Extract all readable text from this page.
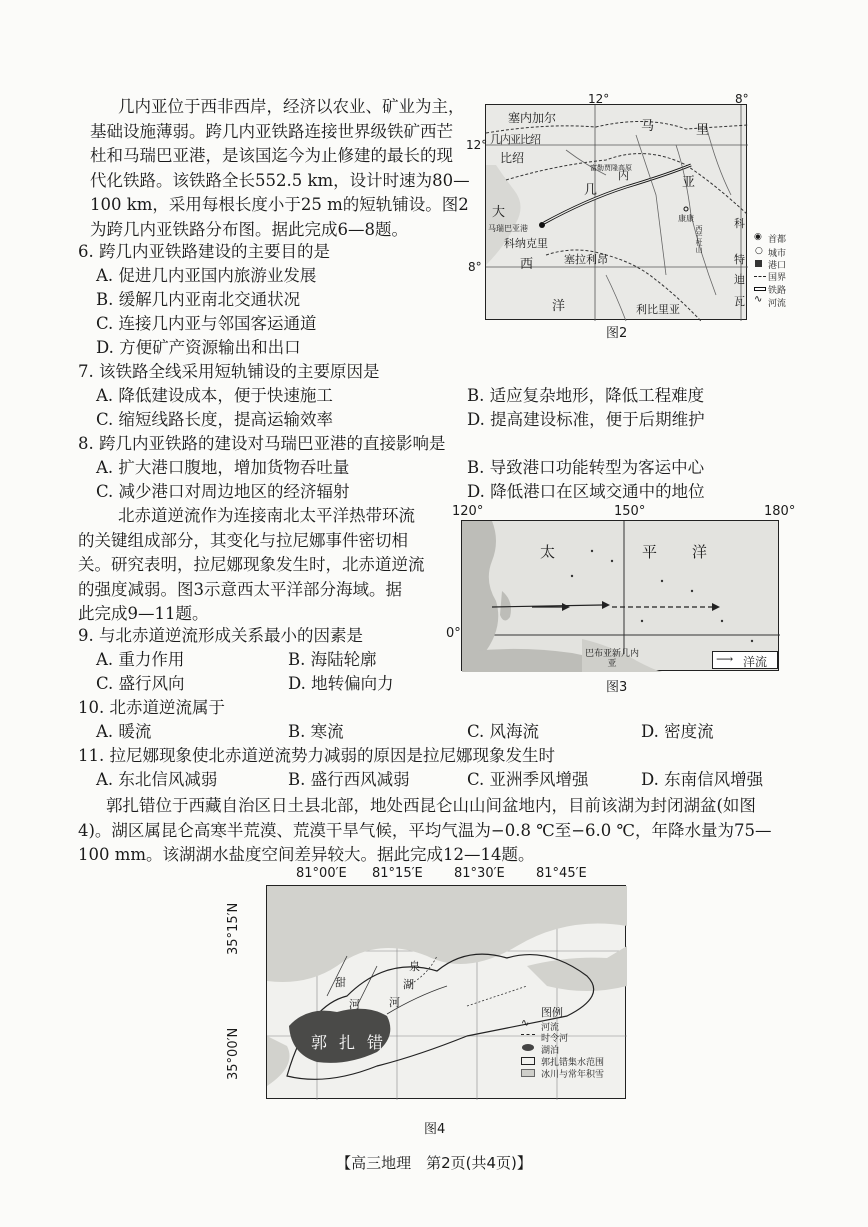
几内亚位于西非西岸，经济以农业、矿业为主，
基础设施薄弱。跨几内亚铁路连接世界级铁矿西芒
杜和马瑞巴亚港，是该国迄今为止修建的最长的现
代化铁路。该铁路全长552.5 km，设计时速为80—
100 km，采用每根长度小于25 m的短轨铺设。图2
为跨几内亚铁路分布图。据此完成6—8题。
6. 跨几内亚铁路建设的主要目的是
A. 促进几内亚国内旅游业发展
B. 缓解几内亚南北交通状况
C. 连接几内亚与邻国客运通道
D. 方便矿产资源输出和出口
塞内加尔
几内亚比绍
比绍
马	里
几
内	亚
富勒贾隆高原
马瑞巴亚港
科纳克里
大
西
洋
塞拉利昂
利比里亚
西芒杜山
康康	科
特
迪
瓦
12°	8°
12°
8°
◉ 首都
○ 城市
港口
国界
铁路
∿ 河流
图2
7. 该铁路全线采用短轨铺设的主要原因是
A. 降低建设成本，便于快速施工	B. 适应复杂地形，降低工程难度
C. 缩短线路长度，提高运输效率	D. 提高建设标准，便于后期维护
8. 跨几内亚铁路的建设对马瑞巴亚港的直接影响是
A. 扩大港口腹地，增加货物吞吐量	B. 导致港口功能转型为客运中心
C. 减少港口对周边地区的经济辐射	D. 降低港口在区域交通中的地位
北赤道逆流作为连接南北太平洋热带环流
的关键组成部分，其变化与拉尼娜事件密切相
关。研究表明，拉尼娜现象发生时，北赤道逆流
的强度减弱。图3示意西太平洋部分海域。据
此完成9—11题。
120°	150°	180°
0°
太	平 洋
巴布亚新几内亚	⟶ 洋流
图3
9. 与北赤道逆流形成关系最小的因素是
A. 重力作用	B. 海陆轮廓
C. 盛行风向	D. 地转偏向力
10. 北赤道逆流属于
A. 暖流	B. 寒流	C. 风海流	D. 密度流
11. 拉尼娜现象使北赤道逆流势力减弱的原因是拉尼娜现象发生时
A. 东北信风减弱	B. 盛行西风减弱	C. 亚洲季风增强	D. 东南信风增强
郭扎错位于西藏自治区日土县北部，地处西昆仑山山间盆地内，目前该湖为封闭湖盆(如图
4)。湖区属昆仑高寒半荒漠、荒漠干旱气候，平均气温为−0.8 ℃至−6.0 ℃，年降水量为75—
100 mm。该湖湖水盐度空间差异较大。据此完成12—14题。
81°00′E 81°15′E 81°30′E 81°45′E
35°15′N
35°00′N	郭扎错
甜
河
泉
湖
河
图例
∿ 河流
时令河
湖泊
郭扎错集水范围
冰川与常年积雪
图4
【高三地理　第2页(共4页)】
